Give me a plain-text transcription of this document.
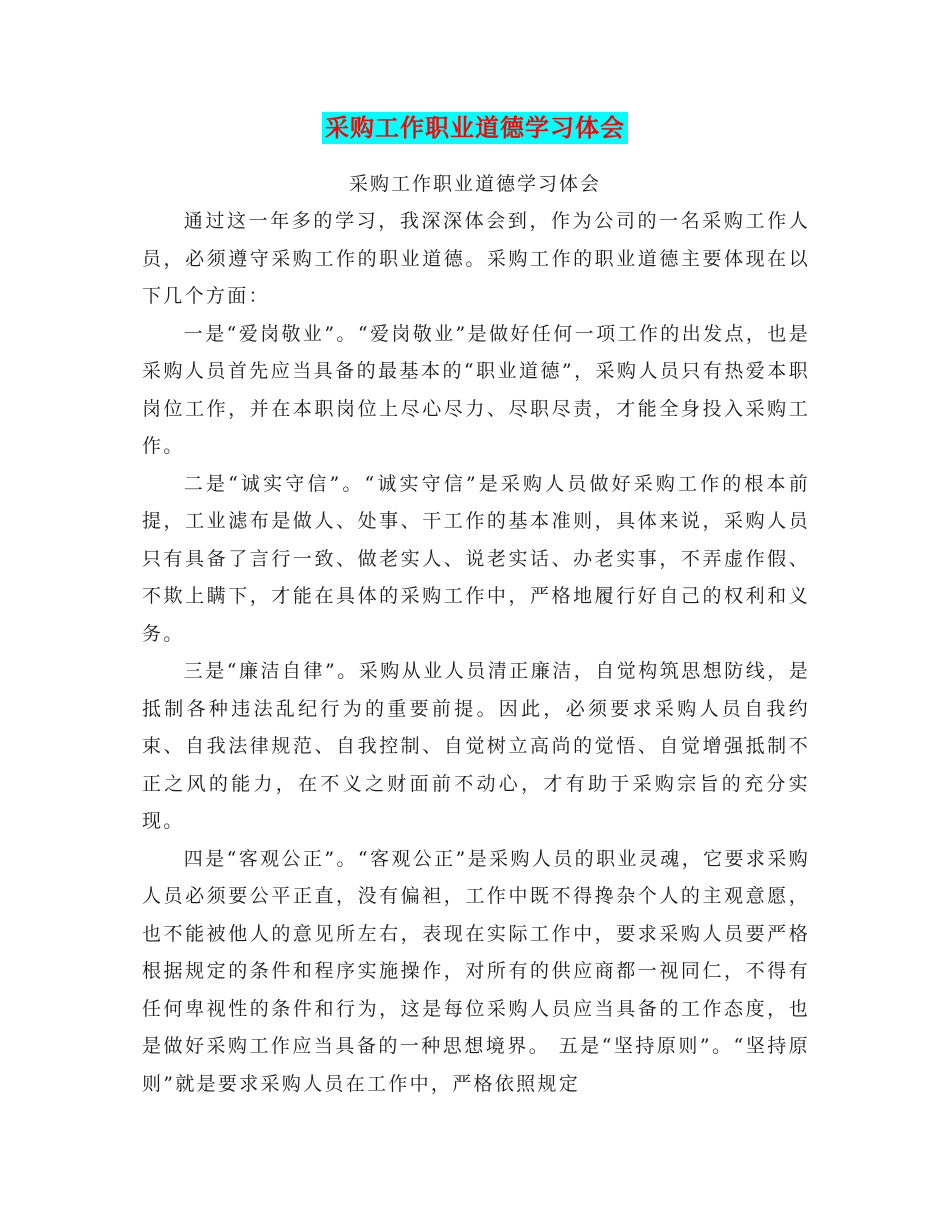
采购工作职业道德学习体会
采购工作职业道德学习体会

通过这一年多的学习，我深深体会到，作为公司的一名采购工作人员，必须遵守采购工作的职业道德。采购工作的职业道德主要体现在以下几个方面：

一是“爱岗敬业”。“爱岗敬业”是做好任何一项工作的出发点，也是采购人员首先应当具备的最基本的“职业道德”，采购人员只有热爱本职岗位工作，并在本职岗位上尽心尽力、尽职尽责，才能全身投入采购工作。

二是“诚实守信”。“诚实守信”是采购人员做好采购工作的根本前提，工业滤布是做人、处事、干工作的基本准则，具体来说，采购人员只有具备了言行一致、做老实人、说老实话、办老实事，不弄虚作假、不欺上瞒下，才能在具体的采购工作中，严格地履行好自己的权利和义务。

三是“廉洁自律”。采购从业人员清正廉洁，自觉构筑思想防线，是抵制各种违法乱纪行为的重要前提。因此，必须要求采购人员自我约束、自我法律规范、自我控制、自觉树立高尚的觉悟、自觉增强抵制不正之风的能力，在不义之财面前不动心，才有助于采购宗旨的充分实现。

四是“客观公正”。“客观公正”是采购人员的职业灵魂，它要求采购人员必须要公平正直，没有偏袒，工作中既不得搀杂个人的主观意愿，也不能被他人的意见所左右，表现在实际工作中，要求采购人员要严格根据规定的条件和程序实施操作，对所有的供应商都一视同仁，不得有任何卑视性的条件和行为，这是每位采购人员应当具备的工作态度，也是做好采购工作应当具备的一种思想境界。 五是“坚持原则”。“坚持原则”就是要求采购人员在工作中，严格依照规定
